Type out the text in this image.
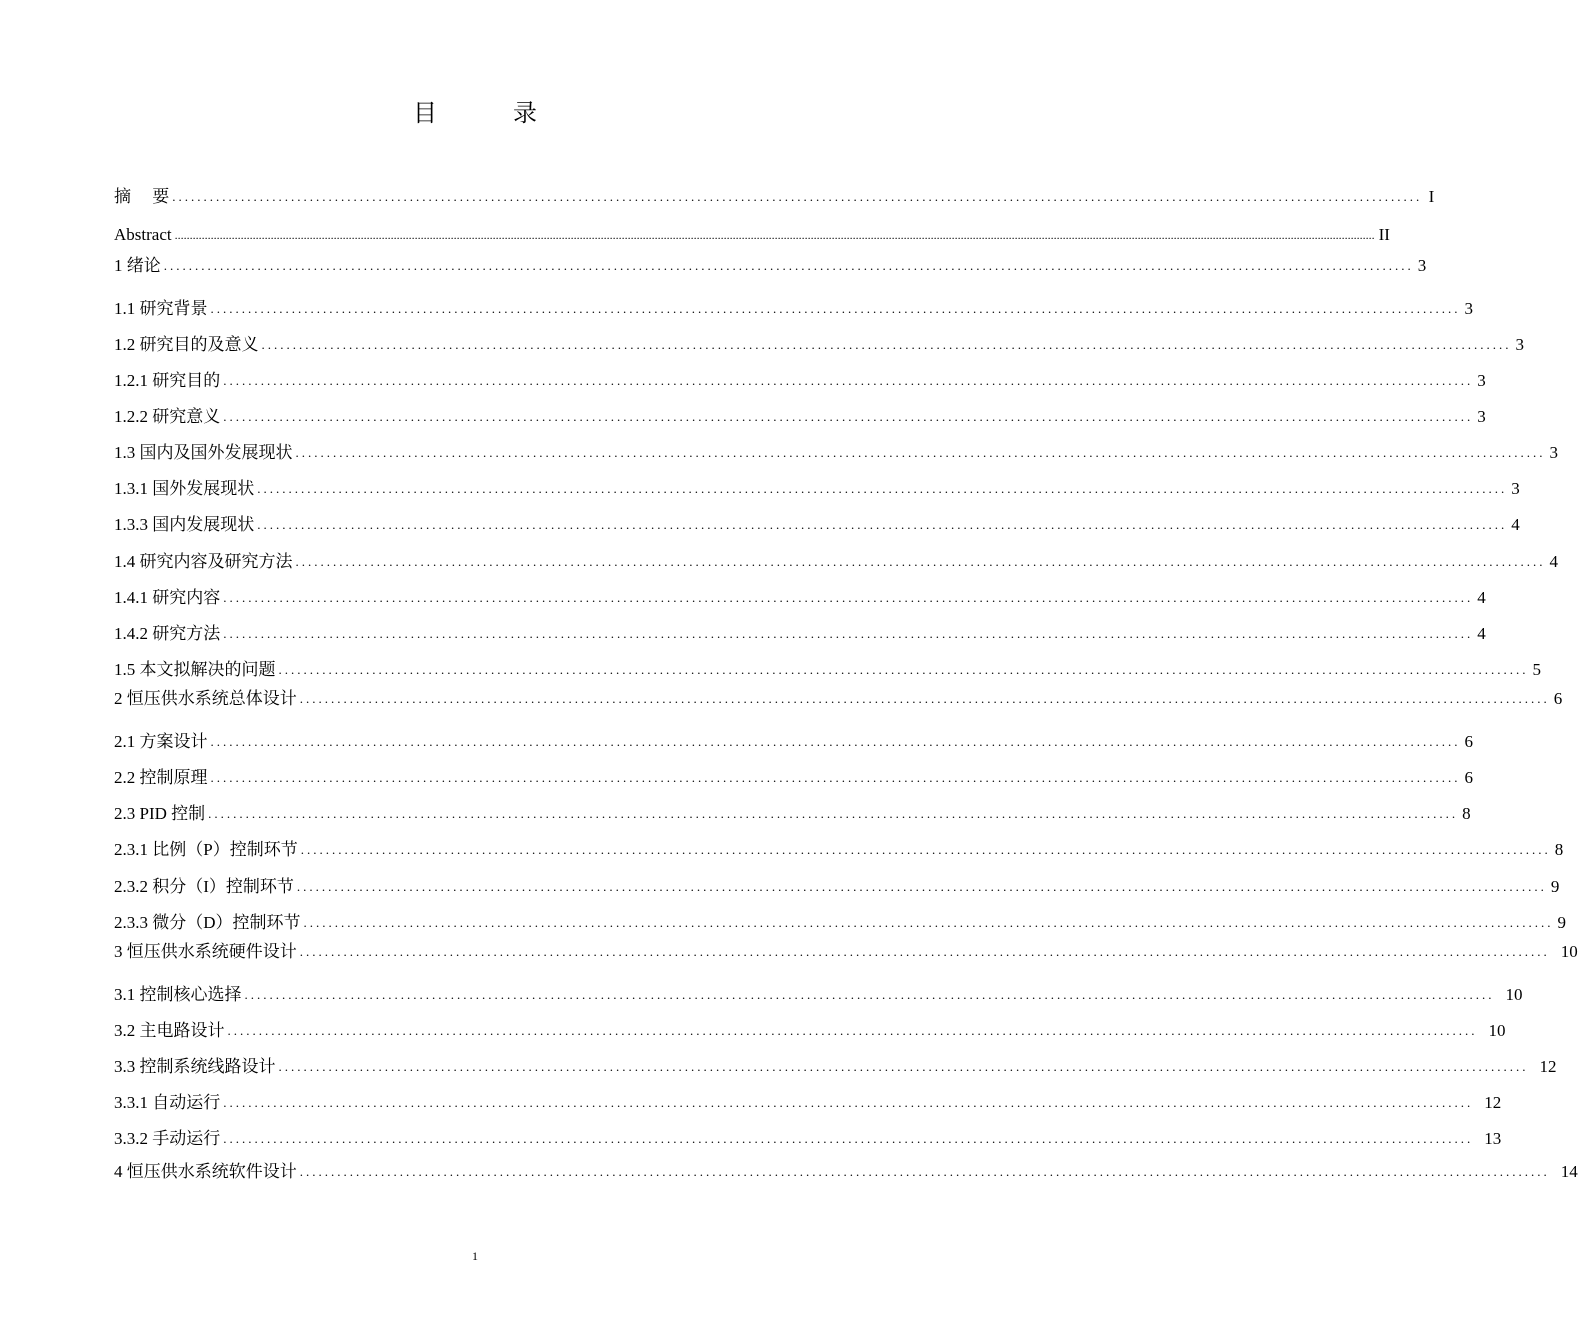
目　录
摘　 要 ........................................................................................................................................................................................................ I
Abstract ................................................................................................................................................................................................................................................................................................................................................................................................................ II
1 绪论 ........................................................................................................................................................................................................ 3
1.1 研究背景 ........................................................................................................................................................................................................ 3
1.2 研究目的及意义 ........................................................................................................................................................................................................ 3
1.2.1 研究目的 ........................................................................................................................................................................................................ 3
1.2.2 研究意义 ........................................................................................................................................................................................................ 3
1.3 国内及国外发展现状 ........................................................................................................................................................................................................ 3
1.3.1 国外发展现状 ........................................................................................................................................................................................................ 3
1.3.3 国内发展现状 ........................................................................................................................................................................................................ 4
1.4 研究内容及研究方法 ........................................................................................................................................................................................................ 4
1.4.1 研究内容 ........................................................................................................................................................................................................ 4
1.4.2 研究方法 ........................................................................................................................................................................................................ 4
1.5 本文拟解决的问题 ........................................................................................................................................................................................................ 5
2 恒压供水系统总体设计 ........................................................................................................................................................................................................ 6
2.1 方案设计 ........................................................................................................................................................................................................ 6
2.2 控制原理 ........................................................................................................................................................................................................ 6
2.3 PID 控制 ........................................................................................................................................................................................................ 8
2.3.1 比例（P）控制环节 ........................................................................................................................................................................................................ 8
2.3.2 积分（I）控制环节 ........................................................................................................................................................................................................ 9
2.3.3 微分（D）控制环节 ........................................................................................................................................................................................................ 9
3 恒压供水系统硬件设计 ........................................................................................................................................................................................................ 10
3.1 控制核心选择 ........................................................................................................................................................................................................ 10
3.2 主电路设计 ........................................................................................................................................................................................................ 10
3.3 控制系统线路设计 ........................................................................................................................................................................................................ 12
3.3.1 自动运行 ........................................................................................................................................................................................................ 12
3.3.2 手动运行 ........................................................................................................................................................................................................ 13
4 恒压供水系统软件设计 ........................................................................................................................................................................................................ 14
1
